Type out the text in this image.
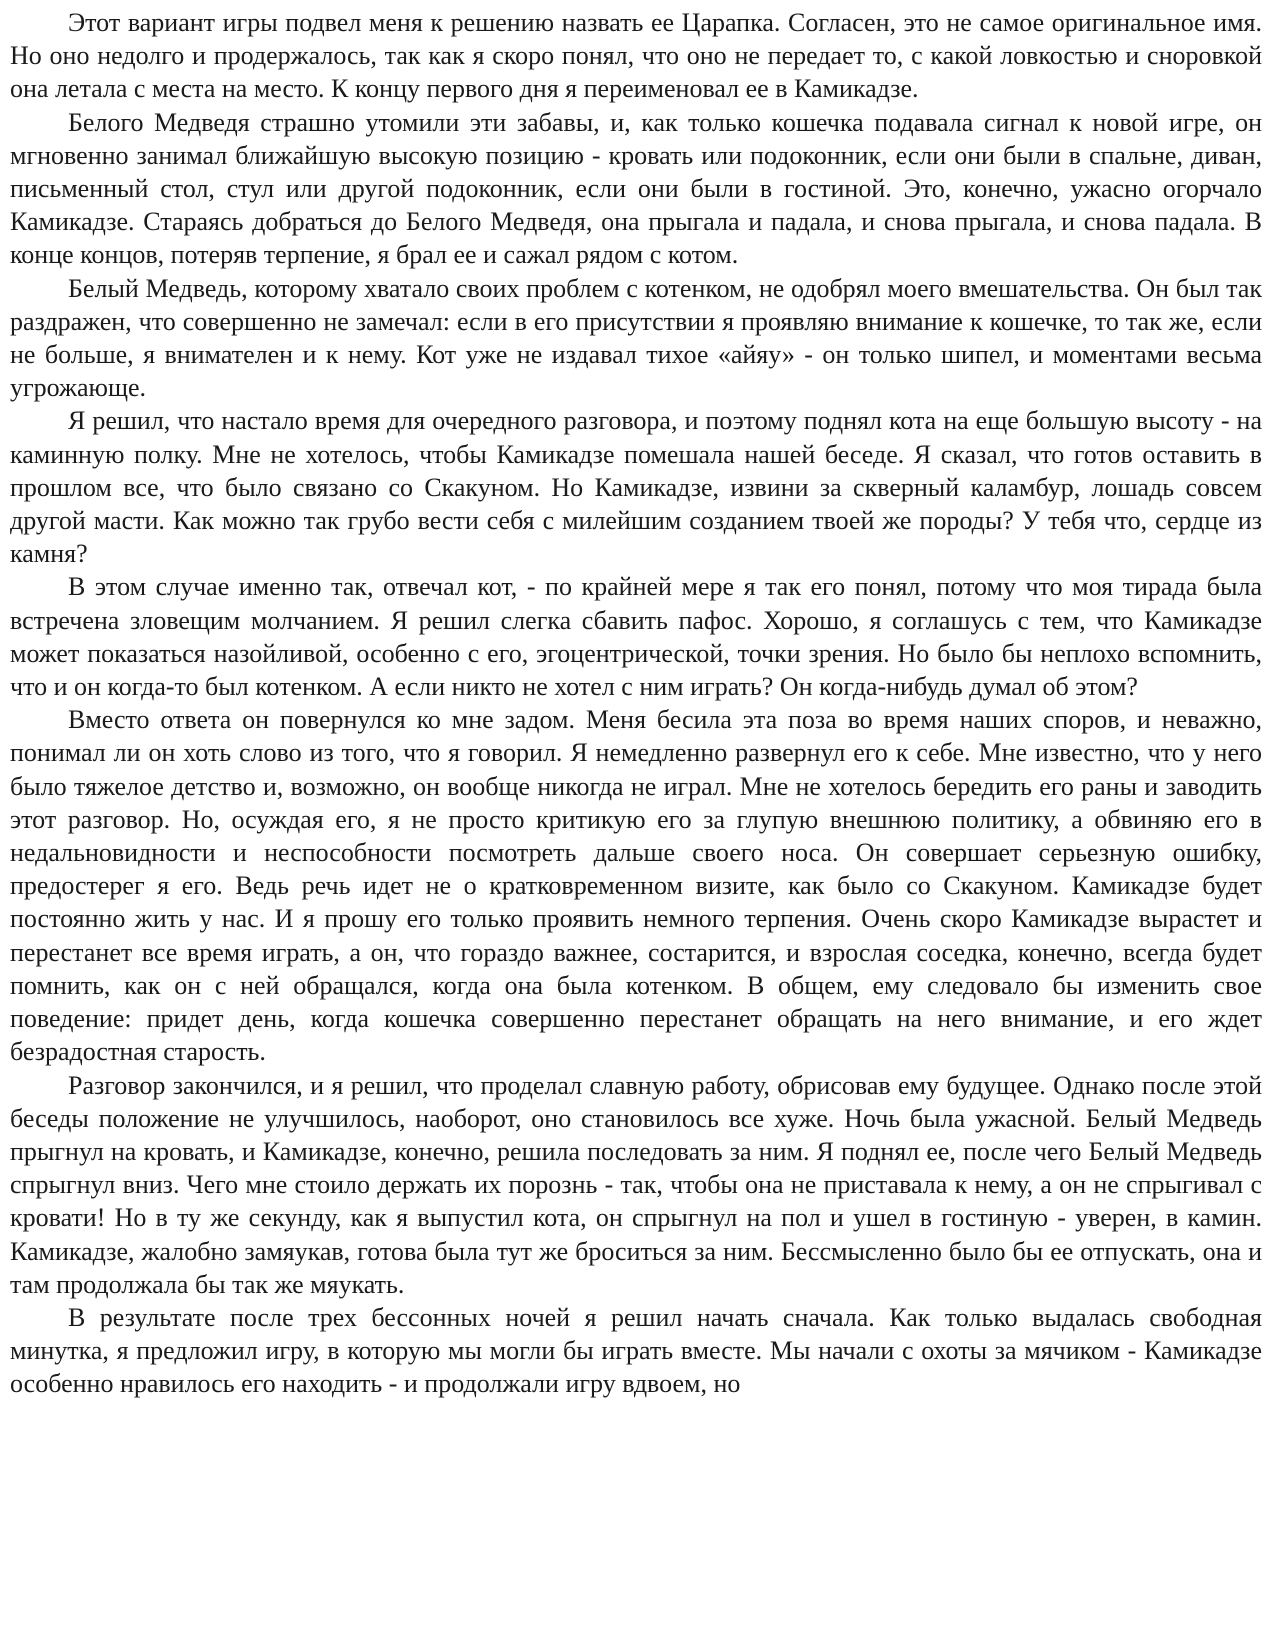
Этот вариант игры подвел меня к решению назвать ее Царапка. Согласен, это не самое оригинальное имя. Но оно недолго и продержалось, так как я скоро понял, что оно не передает то, с какой ловкостью и сноровкой она летала с места на место. К концу первого дня я переименовал ее в Камикадзе.

Белого Медведя страшно утомили эти забавы, и, как только кошечка подавала сигнал к новой игре, он мгновенно занимал ближайшую высокую позицию - кровать или подоконник, если они были в спальне, диван, письменный стол, стул или другой подоконник, если они были в гостиной. Это, конечно, ужасно огорчало Камикадзе. Стараясь добраться до Белого Медведя, она прыгала и падала, и снова прыгала, и снова падала. В конце концов, потеряв терпение, я брал ее и сажал рядом с котом.

Белый Медведь, которому хватало своих проблем с котенком, не одобрял моего вмешательства. Он был так раздражен, что совершенно не замечал: если в его присутствии я проявляю внимание к кошечке, то так же, если не больше, я внимателен и к нему. Кот уже не издавал тихое «айяу» - он только шипел, и моментами весьма угрожающе.

Я решил, что настало время для очередного разговора, и поэтому поднял кота на еще большую высоту - на каминную полку. Мне не хотелось, чтобы Камикадзе помешала нашей беседе. Я сказал, что готов оставить в прошлом все, что было связано со Скакуном. Но Камикадзе, извини за скверный каламбур, лошадь совсем другой масти. Как можно так грубо вести себя с милейшим созданием твоей же породы? У тебя что, сердце из камня?

В этом случае именно так, отвечал кот, - по крайней мере я так его понял, потому что моя тирада была встречена зловещим молчанием. Я решил слегка сбавить пафос. Хорошо, я соглашусь с тем, что Камикадзе может показаться назойливой, особенно с его, эгоцентрической, точки зрения. Но было бы неплохо вспомнить, что и он когда-то был котенком. А если никто не хотел с ним играть? Он когда-нибудь думал об этом?

Вместо ответа он повернулся ко мне задом. Меня бесила эта поза во время наших споров, и неважно, понимал ли он хоть слово из того, что я говорил. Я немедленно развернул его к себе. Мне известно, что у него было тяжелое детство и, возможно, он вообще никогда не играл. Мне не хотелось бередить его раны и заводить этот разговор. Но, осуждая его, я не просто критикую его за глупую внешнюю политику, а обвиняю его в недальновидности и неспособности посмотреть дальше своего носа. Он совершает серьезную ошибку, предостерег я его. Ведь речь идет не о кратковременном визите, как было со Скакуном. Камикадзе будет постоянно жить у нас. И я прошу его только проявить немного терпения. Очень скоро Камикадзе вырастет и перестанет все время играть, а он, что гораздо важнее, состарится, и взрослая соседка, конечно, всегда будет помнить, как он с ней обращался, когда она была котенком. В общем, ему следовало бы изменить свое поведение: придет день, когда кошечка совершенно перестанет обращать на него внимание, и его ждет безрадостная старость.

Разговор закончился, и я решил, что проделал славную работу, обрисовав ему будущее. Однако после этой беседы положение не улучшилось, наоборот, оно становилось все хуже. Ночь была ужасной. Белый Медведь прыгнул на кровать, и Камикадзе, конечно, решила последовать за ним. Я поднял ее, после чего Белый Медведь спрыгнул вниз. Чего мне стоило держать их порознь - так, чтобы она не приставала к нему, а он не спрыгивал с кровати! Но в ту же секунду, как я выпустил кота, он спрыгнул на пол и ушел в гостиную - уверен, в камин. Камикадзе, жалобно замяукав, готова была тут же броситься за ним. Бессмысленно было бы ее отпускать, она и там продолжала бы так же мяукать.

В результате после трех бессонных ночей я решил начать сначала. Как только выдалась свободная минутка, я предложил игру, в которую мы могли бы играть вместе. Мы начали с охоты за мячиком - Камикадзе особенно нравилось его находить - и продолжали игру вдвоем, но
